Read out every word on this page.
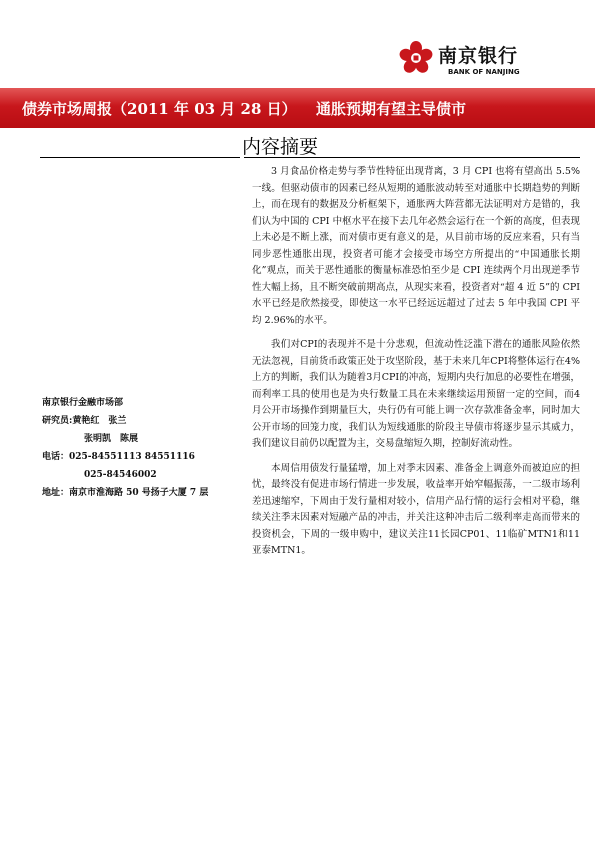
南京银行
BANK OF NANJING
债券市场周报（2011 年 03 月 28 日） 通胀预期有望主导债市
内容摘要

3 月食品价格走势与季节性特征出现背离，3 月 CPI 也将有望高出 5.5%一线。但驱动债市的因素已经从短期的通胀波动转至对通胀中长期趋势的判断上，而在现有的数据及分析框架下，通胀两大阵营都无法证明对方是错的，我们认为中国的 CPI 中枢水平在接下去几年必然会运行在一个新的高度，但表现上未必是不断上涨，而对债市更有意义的是，从目前市场的反应来看，只有当同步恶性通胀出现，投资者可能才会接受市场空方所提出的“中国通胀长期化”观点，而关于恶性通胀的衡量标准恐怕至少是 CPI 连续两个月出现逆季节性大幅上扬，且不断突破前期高点，从现实来看，投资者对“超 4 近 5”的 CPI 水平已经是欣然接受，即使这一水平已经远远超过了过去 5 年中我国 CPI 平均 2.96%的水平。

我们对CPI的表现并不是十分悲观，但流动性泛滥下潜在的通胀风险依然无法忽视，目前货币政策正处于攻坚阶段，基于未来几年CPI将整体运行在4%上方的判断，我们认为随着3月CPI的冲高，短期内央行加息的必要性在增强，而利率工具的使用也是为央行数量工具在未来继续运用预留一定的空间，而4月公开市场操作到期量巨大，央行仍有可能上调一次存款准备金率，同时加大公开市场的回笼力度，我们认为短线通胀的阶段主导债市将逐步显示其威力，我们建议目前仍以配置为主，交易盘缩短久期，控制好流动性。

本周信用债发行量猛增，加上对季末因素、准备金上调意外而被迫应的担忧，最终没有促进市场行情进一步发展，收益率开始窄幅振荡，一二级市场利差迅速缩窄，下周由于发行量相对较小，信用产品行情的运行会相对平稳，继续关注季末因素对短融产品的冲击，并关注这种冲击后二级利率走高而带来的投资机会，下周的一级申购中，建议关注11长园CP01、11临矿MTN1和11亚泰MTN1。

南京银行金融市场部
研究员:黄艳红　张兰
张明凯　陈展
电话：025-84551113 84551116
025-84546002
地址：南京市淮海路 50 号扬子大厦 7 层
